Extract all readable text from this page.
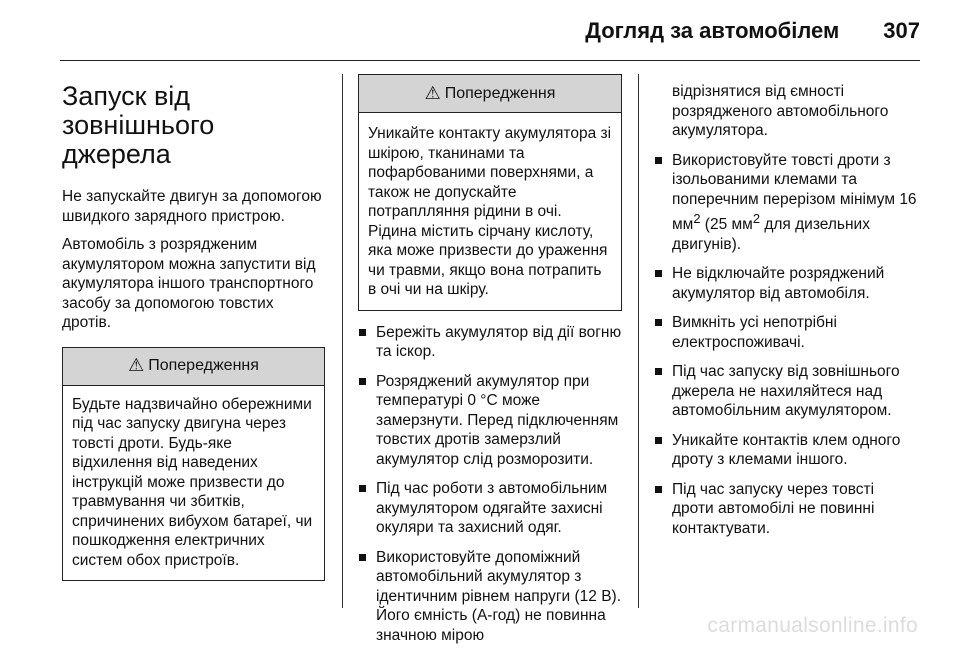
Догляд за автомобілем 307
Запуск від
зовнішнього джерела

Не запускайте двигун за допомогою швидкого зарядного пристрою.

Автомобіль з розрядженим акумулятором можна запустити від акумулятора іншого транспортного засобу за допомогою товстих дротів.

⚠ Попередження
Будьте надзвичайно обережними під час запуску двигуна через товсті дроти. Будь-яке відхилення від наведених інструкцій може призвести до травмування чи збитків, спричинених вибухом батареї, чи пошкодження електричних систем обох пристроїв.
⚠ Попередження
Уникайте контакту акумулятора зі шкірою, тканинами та пофарбованими поверхнями, а також не допускайте потраплляння рідини в очі. Рідина містить сірчану кислоту, яка може призвести до ураження чи травми, якщо вона потрапить в очі чи на шкіру.
Бережіть акумулятор від дії вогню та іскор.
Розряджений акумулятор при температурі 0 °C може замерзнути. Перед підключенням товстих дротів замерзлий акумулятор слід розморозити.
Під час роботи з автомобільним акумулятором одягайте захисні окуляри та захисний одяг.
Використовуйте допоміжний автомобільний акумулятор з ідентичним рівнем напруги (12 В). Його ємність (А-год) не повинна значною мірою

відрізнятися від ємності розрядженого автомобільного акумулятора.

Використовуйте товсті дроти з ізольованими клемами та поперечним перерізом мінімум 16 $мм^2$ (25 $мм^2$ для дизельних двигунів).
Не відключайте розряджений акумулятор від автомобіля.
Вимкніть усі непотрібні електроспоживачі.
Під час запуску від зовнішнього джерела не нахиляйтеся над автомобільним акумулятором.
Уникайте контактів клем одного дроту з клемами іншого.
Під час запуску через товсті дроти автомобілі не повинні контактувати.
carmanualsonline.info
